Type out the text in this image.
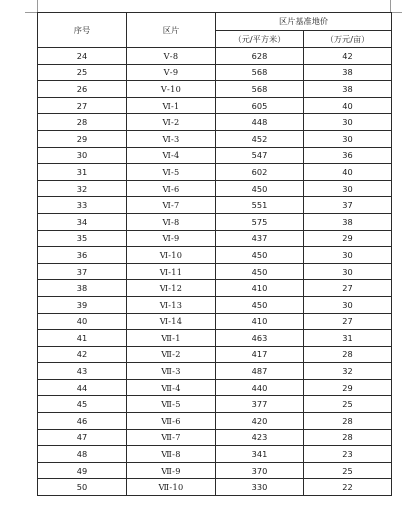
序号	区片	区片基准地价	
		（元/平方米）	（万元/亩）
24	Ⅴ-8	628	42
25	Ⅴ-9	568	38
26	Ⅴ-10	568	38
27	Ⅵ-1	605	40
28	Ⅵ-2	448	30
29	Ⅵ-3	452	30
30	Ⅵ-4	547	36
31	Ⅵ-5	602	40
32	Ⅵ-6	450	30
33	Ⅵ-7	551	37
34	Ⅵ-8	575	38
35	Ⅵ-9	437	29
36	Ⅵ-10	450	30
37	Ⅵ-11	450	30
38	Ⅵ-12	410	27
39	Ⅵ-13	450	30
40	Ⅵ-14	410	27
41	Ⅶ-1	463	31
42	Ⅶ-2	417	28
43	Ⅶ-3	487	32
44	Ⅶ-4	440	29
45	Ⅶ-5	377	25
46	Ⅶ-6	420	28
47	Ⅶ-7	423	28
48	Ⅶ-8	341	23
49	Ⅶ-9	370	25
50	Ⅶ-10	330	22
